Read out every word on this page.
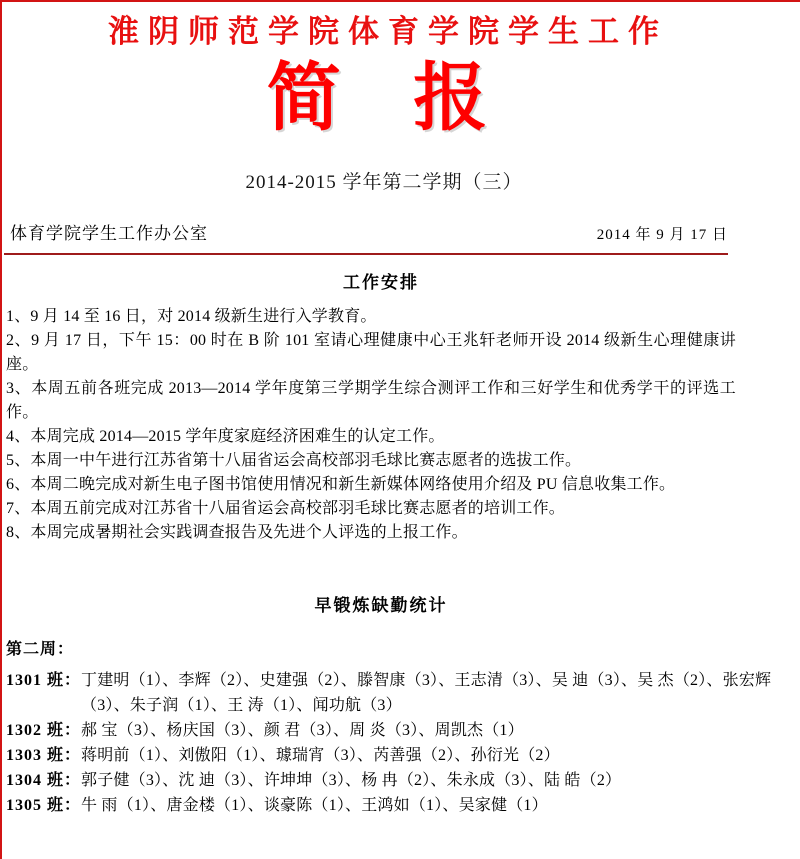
淮阴师范学院体育学院学生工作
简 报
2014-2015 学年第二学期（三）
体育学院学生工作办公室	2014 年 9 月 17 日
工作安排

1、9 月 14 至 16 日，对 2014 级新生进行入学教育。

2、9 月 17 日，下午 15：00 时在 B 阶 101 室请心理健康中心王兆轩老师开设 2014 级新生心理健康讲座。

3、本周五前各班完成 2013—2014 学年度第三学期学生综合测评工作和三好学生和优秀学干的评选工作。

4、本周完成 2014—2015 学年度家庭经济困难生的认定工作。

5、本周一中午进行江苏省第十八届省运会高校部羽毛球比赛志愿者的选拔工作。

6、本周二晚完成对新生电子图书馆使用情况和新生新媒体网络使用介绍及 PU 信息收集工作。

7、本周五前完成对江苏省十八届省运会高校部羽毛球比赛志愿者的培训工作。

8、本周完成暑期社会实践调查报告及先进个人评选的上报工作。

早锻炼缺勤统计
第二周：
1301 班： 丁建明（1）、李辉（2）、史建强（2）、滕智康（3）、王志清（3）、吴 迪（3）、吴 杰（2）、张宏辉（3）、朱子润（1）、王 涛（1）、闻功航（3）
1302 班： 郝 宝（3）、杨庆国（3）、颜 君（3）、周 炎（3）、周凯杰（1）
1303 班： 蒋明前（1）、刘傲阳（1）、璩瑞宵（3）、芮善强（2）、孙衍光（2）
1304 班： 郭子健（3）、沈 迪（3）、许坤坤（3）、杨 冉（2）、朱永成（3）、陆 皓（2）
1305 班： 牛 雨（1）、唐金楼（1）、谈豪陈（1）、王鸿如（1）、吴家健（1）
